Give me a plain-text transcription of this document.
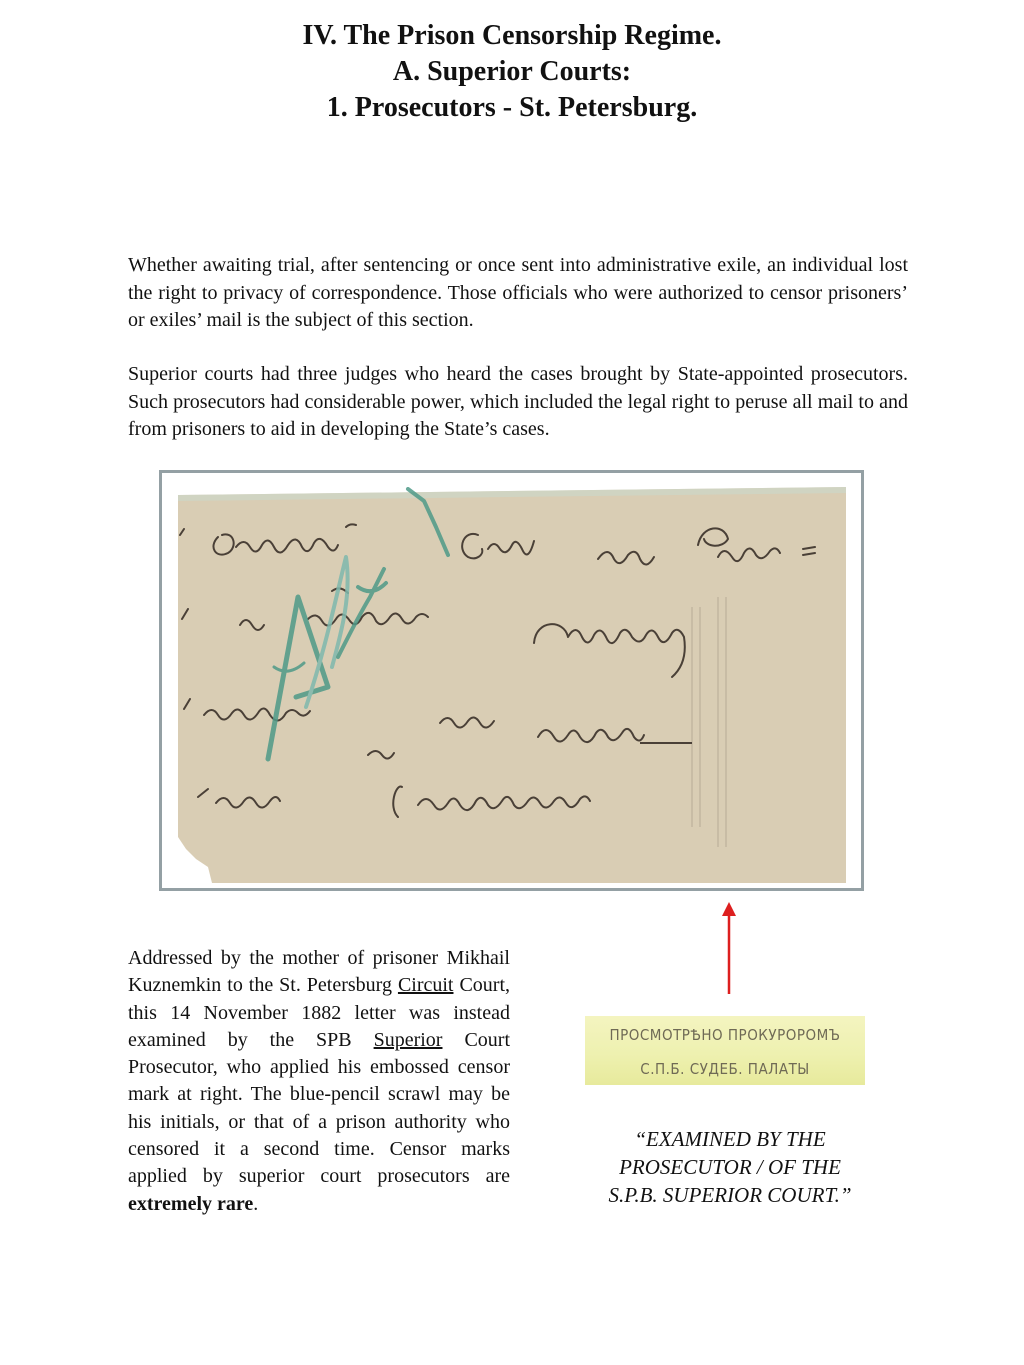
IV. The Prison Censorship Regime.
A. Superior Courts:
1. Prosecutors - St. Petersburg.

Whether awaiting trial, after sentencing or once sent into administrative exile, an individual lost the right to privacy of correspondence. Those officials who were authorized to censor prisoners’ or exiles’ mail is the subject of this section.

Superior courts had three judges who heard the cases brought by State-appointed prosecutors. Such prosecutors had considerable power, which included the legal right to peruse all mail to and from prisoners to aid in developing the State’s cases.

Addressed by the mother of prisoner Mikhail Kuznemkin to the St. Petersburg Circuit Court, this 14 November 1882 letter was instead examined by the SPB Superior Court Prosecutor, who applied his embossed censor mark at right. The blue-pencil scrawl may be his initials, or that of a prison authority who censored it a second time. Censor marks applied by superior court prosecutors are extremely rare.

ПРОСМОТРѢНО ПРОКУРОРОМЪ
С.П.Б. СУДЕБ. ПАЛАТЫ
“EXAMINED BY THE
PROSECUTOR / OF THE
S.P.B. SUPERIOR COURT.”
